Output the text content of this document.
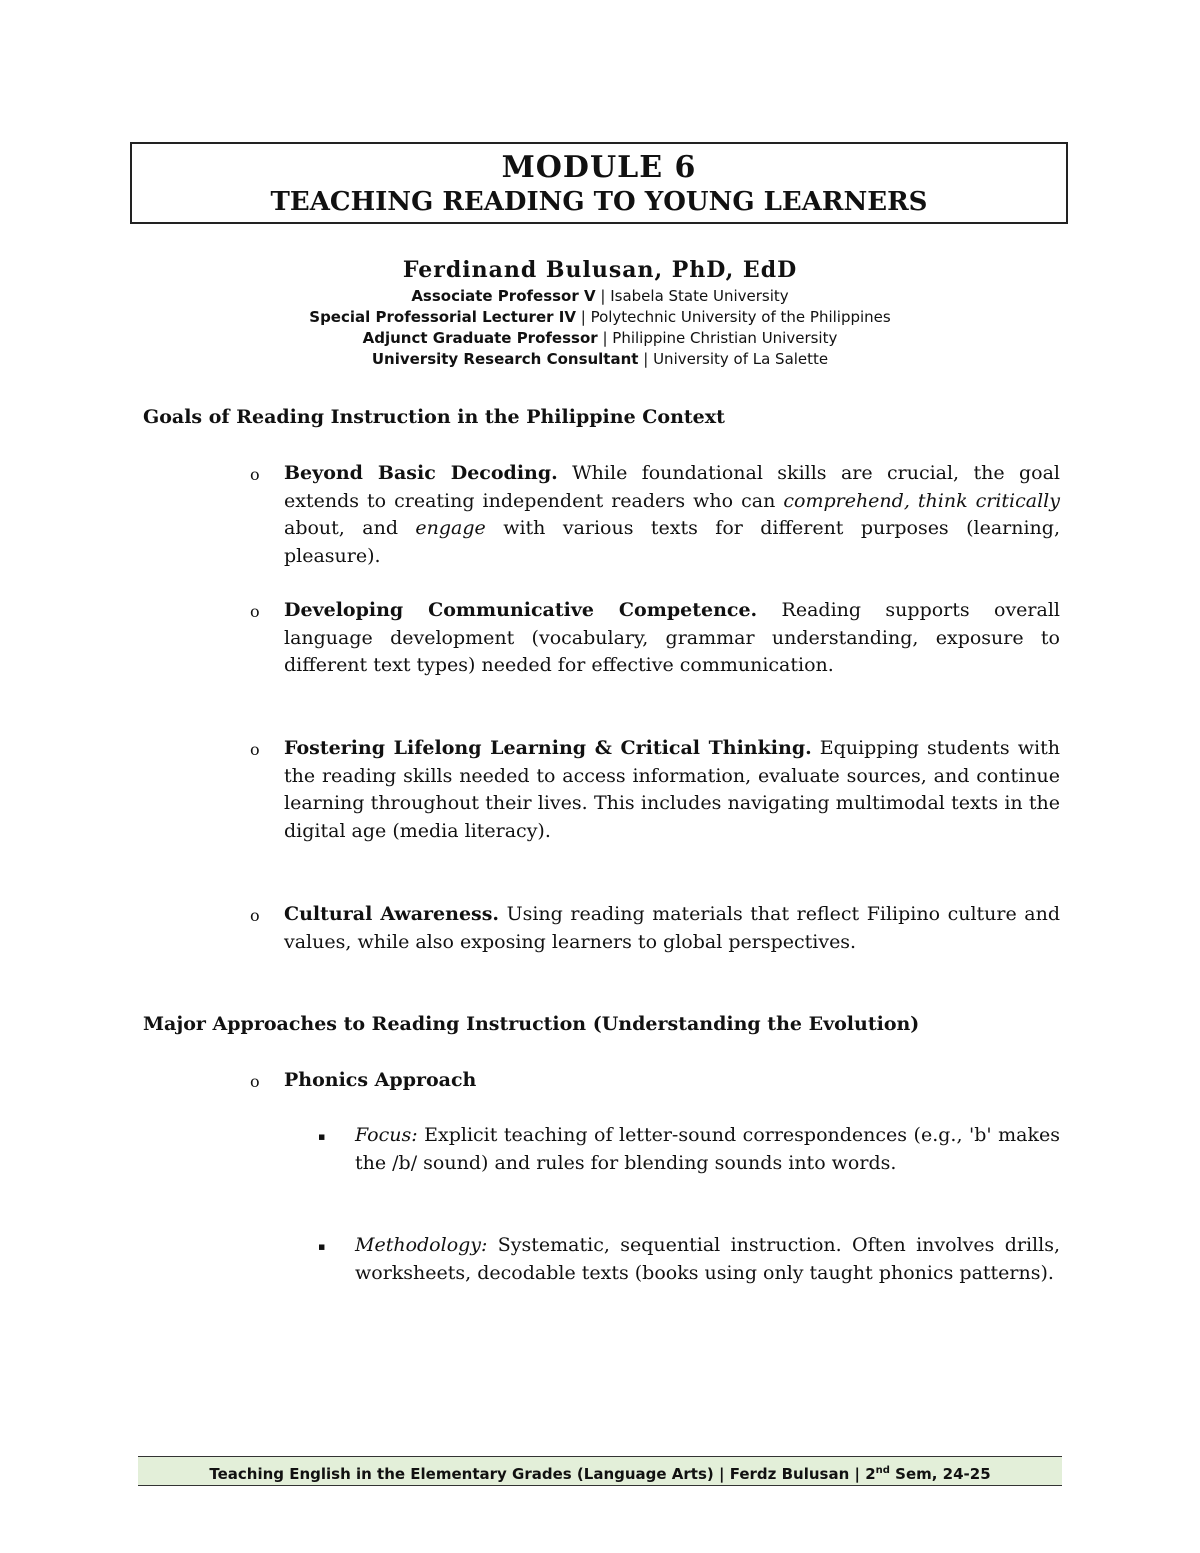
MODULE 6
TEACHING READING TO YOUNG LEARNERS
Ferdinand Bulusan, PhD, EdD
Associate Professor V | Isabela State University
Special Professorial Lecturer IV | Polytechnic University of the Philippines
Adjunct Graduate Professor | Philippine Christian University
University Research Consultant | University of La Salette
Goals of Reading Instruction in the Philippine Context
o Beyond Basic Decoding. While foundational skills are crucial, the goal extends to creating independent readers who can comprehend, think critically about, and engage with various texts for different purposes (learning, pleasure).
o Developing Communicative Competence. Reading supports overall language development (vocabulary, grammar understanding, exposure to different text types) needed for effective communication.
o Fostering Lifelong Learning & Critical Thinking. Equipping students with the reading skills needed to access information, evaluate sources, and continue learning throughout their lives. This includes navigating multimodal texts in the digital age (media literacy).
o Cultural Awareness. Using reading materials that reflect Filipino culture and values, while also exposing learners to global perspectives.
Major Approaches to Reading Instruction (Understanding the Evolution)
o Phonics Approach
▪ Focus: Explicit teaching of letter-sound correspondences (e.g., 'b' makes the /b/ sound) and rules for blending sounds into words.
▪ Methodology: Systematic, sequential instruction. Often involves drills, worksheets, decodable texts (books using only taught phonics patterns).
Teaching English in the Elementary Grades (Language Arts) | Ferdz Bulusan | 2nd Sem, 24-25
